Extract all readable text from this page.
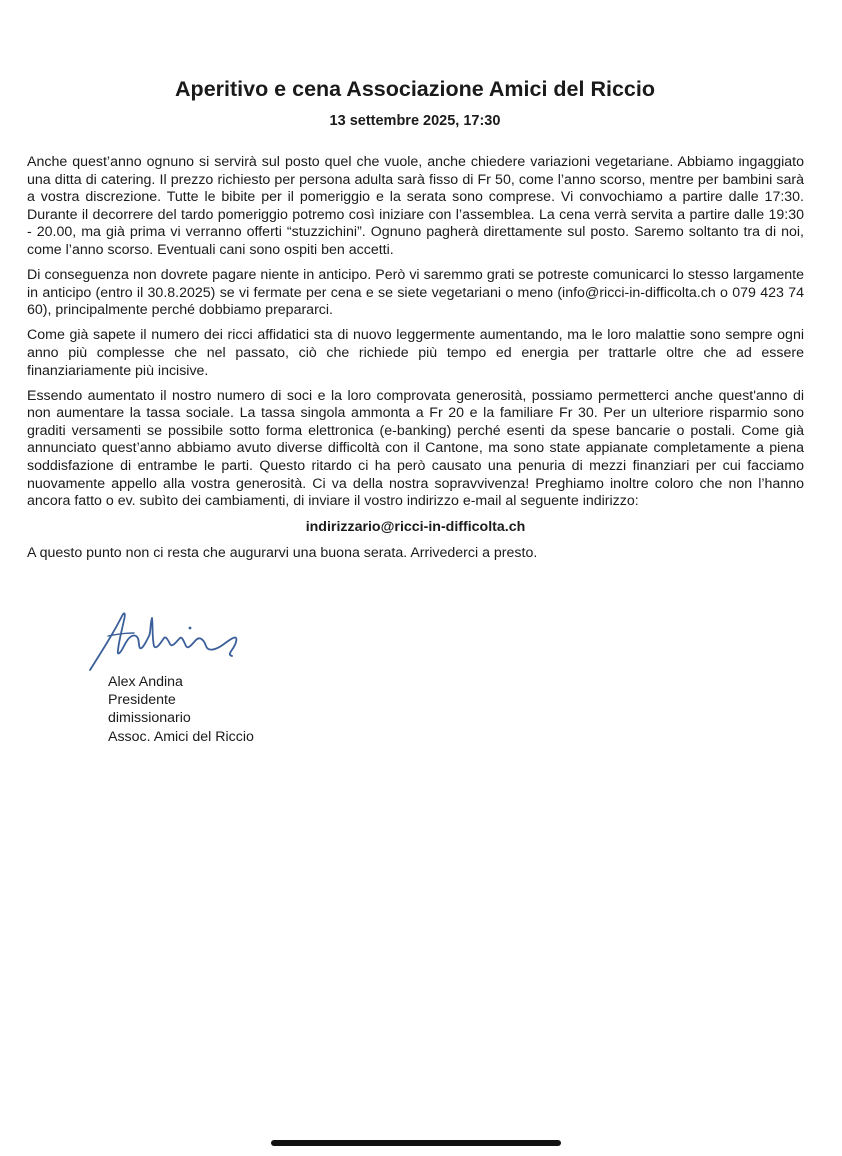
Aperitivo e cena Associazione Amici del Riccio
13 settembre 2025, 17:30

Anche quest’anno ognuno si servirà sul posto quel che vuole, anche chiedere variazioni vegetariane. Abbiamo ingaggiato una ditta di catering. Il prezzo richiesto per persona adulta sarà fisso di Fr 50, come l’anno scorso, mentre per bambini sarà a vostra discrezione. Tutte le bibite per il pomeriggio e la serata sono comprese. Vi convochiamo a partire dalle 17:30. Durante il decorrere del tardo pomeriggio potremo così iniziare con l’assemblea. La cena verrà servita a partire dalle 19:30 - 20.00, ma già prima vi verranno offerti “stuzzichini”. Ognuno pagherà direttamente sul posto. Saremo soltanto tra di noi, come l’anno scorso. Eventuali cani sono ospiti ben accetti.

Di conseguenza non dovrete pagare niente in anticipo. Però vi saremmo grati se potreste comunicarci lo stesso largamente in anticipo (entro il 30.8.2025) se vi fermate per cena e se siete vegetariani o meno (info@ricci-in-difficolta.ch o 079 423 74 60), principalmente perché dobbiamo prepararci.

Come già sapete il numero dei ricci affidatici sta di nuovo leggermente aumentando, ma le loro malattie sono sempre ogni anno più complesse che nel passato, ciò che richiede più tempo ed energia per trattarle oltre che ad essere finanziariamente più incisive.

Essendo aumentato il nostro numero di soci e la loro comprovata generosità, possiamo permetterci anche quest'anno di non aumentare la tassa sociale. La tassa singola ammonta a Fr 20 e la familiare Fr 30. Per un ulteriore risparmio sono graditi versamenti se possibile sotto forma elettronica (e-banking) perché esenti da spese bancarie o postali. Come già annunciato quest’anno abbiamo avuto diverse difficoltà con il Cantone, ma sono state appianate completamente a piena soddisfazione di entrambe le parti. Questo ritardo ci ha però causato una penuria di mezzi finanziari per cui facciamo nuovamente appello alla vostra generosità. Ci va della nostra sopravvivenza! Preghiamo inoltre coloro che non l’hanno ancora fatto o ev. subìto dei cambiamenti, di inviare il vostro indirizzo e-mail al seguente indirizzo:

indirizzario@ricci-in-difficolta.ch

A questo punto non ci resta che augurarvi una buona serata. Arrivederci a presto.

Alex Andina
Presidente
dimissionario
Assoc. Amici del Riccio
